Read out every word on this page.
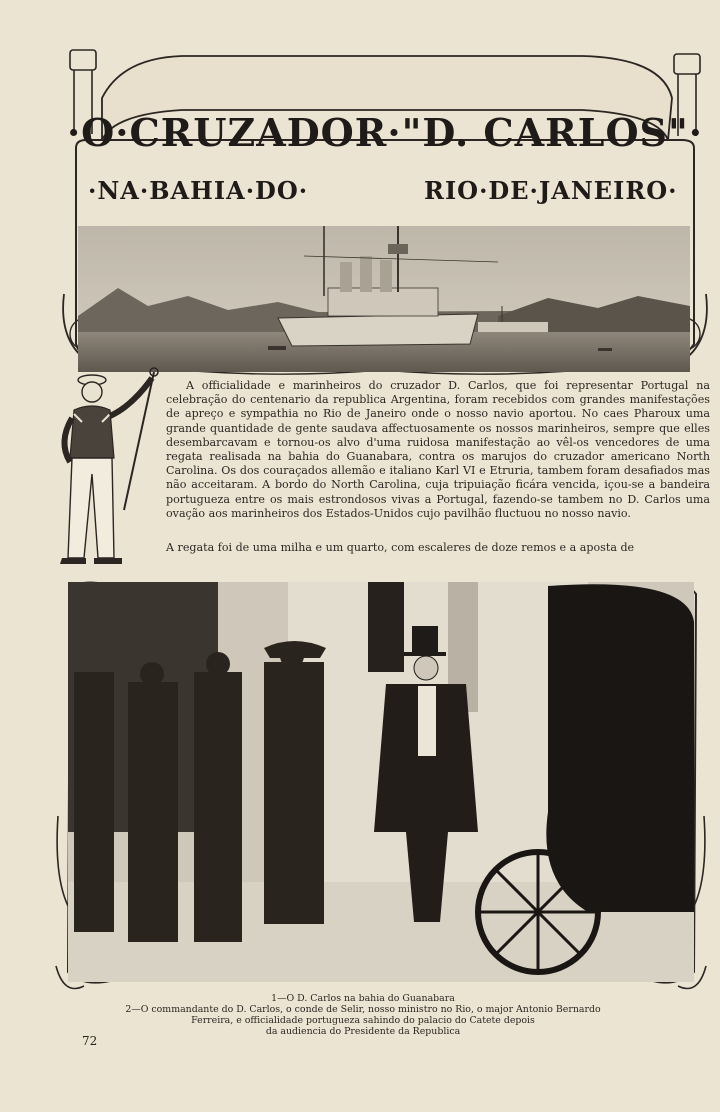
·O·CRUZADOR·"D. CARLOS"·
·NA·BAHIA·DO·	RIO·DE·JANEIRO·

A officialidade e marinheiros do cruzador D. Carlos, que foi representar Portugal na celebração do centenario da republica Argentina, foram recebidos com grandes manifestações de apreço e sympathia no Rio de Janeiro onde o nosso navio aportou. No caes Pharoux uma grande quantidade de gente saudava affectuosamente os nossos marinheiros, sempre que elles desembarcavam e tornou-os alvo d'uma ruidosa manifestação ao vêl-os vencedores de uma regata realisada na bahia do Guanabara, contra os marujos do cruzador americano North Carolina. Os dos couraçados allemão e italiano Karl VI e Etruria, tambem foram desafiados mas não acceitaram. A bordo do North Carolina, cuja tripuiação ficára vencida, içou-se a bandeira portugueza entre os mais estrondosos vivas a Portugal, fazendo-se tambem no D. Carlos uma ovação aos marinheiros dos Estados-Unidos cujo pavilhão fluctuou no nosso navio.

A regata foi de uma milha e um quarto, com escaleres de doze remos e a aposta de
1—O D. Carlos na bahia do Guanabara
2—O commandante do D. Carlos, o conde de Selir, nosso ministro no Rio, o major Antonio Bernardo
Ferreira, e officialidade portugueza sahindo do palacio do Catete depois
da audiencia do Presidente da Republica
72
